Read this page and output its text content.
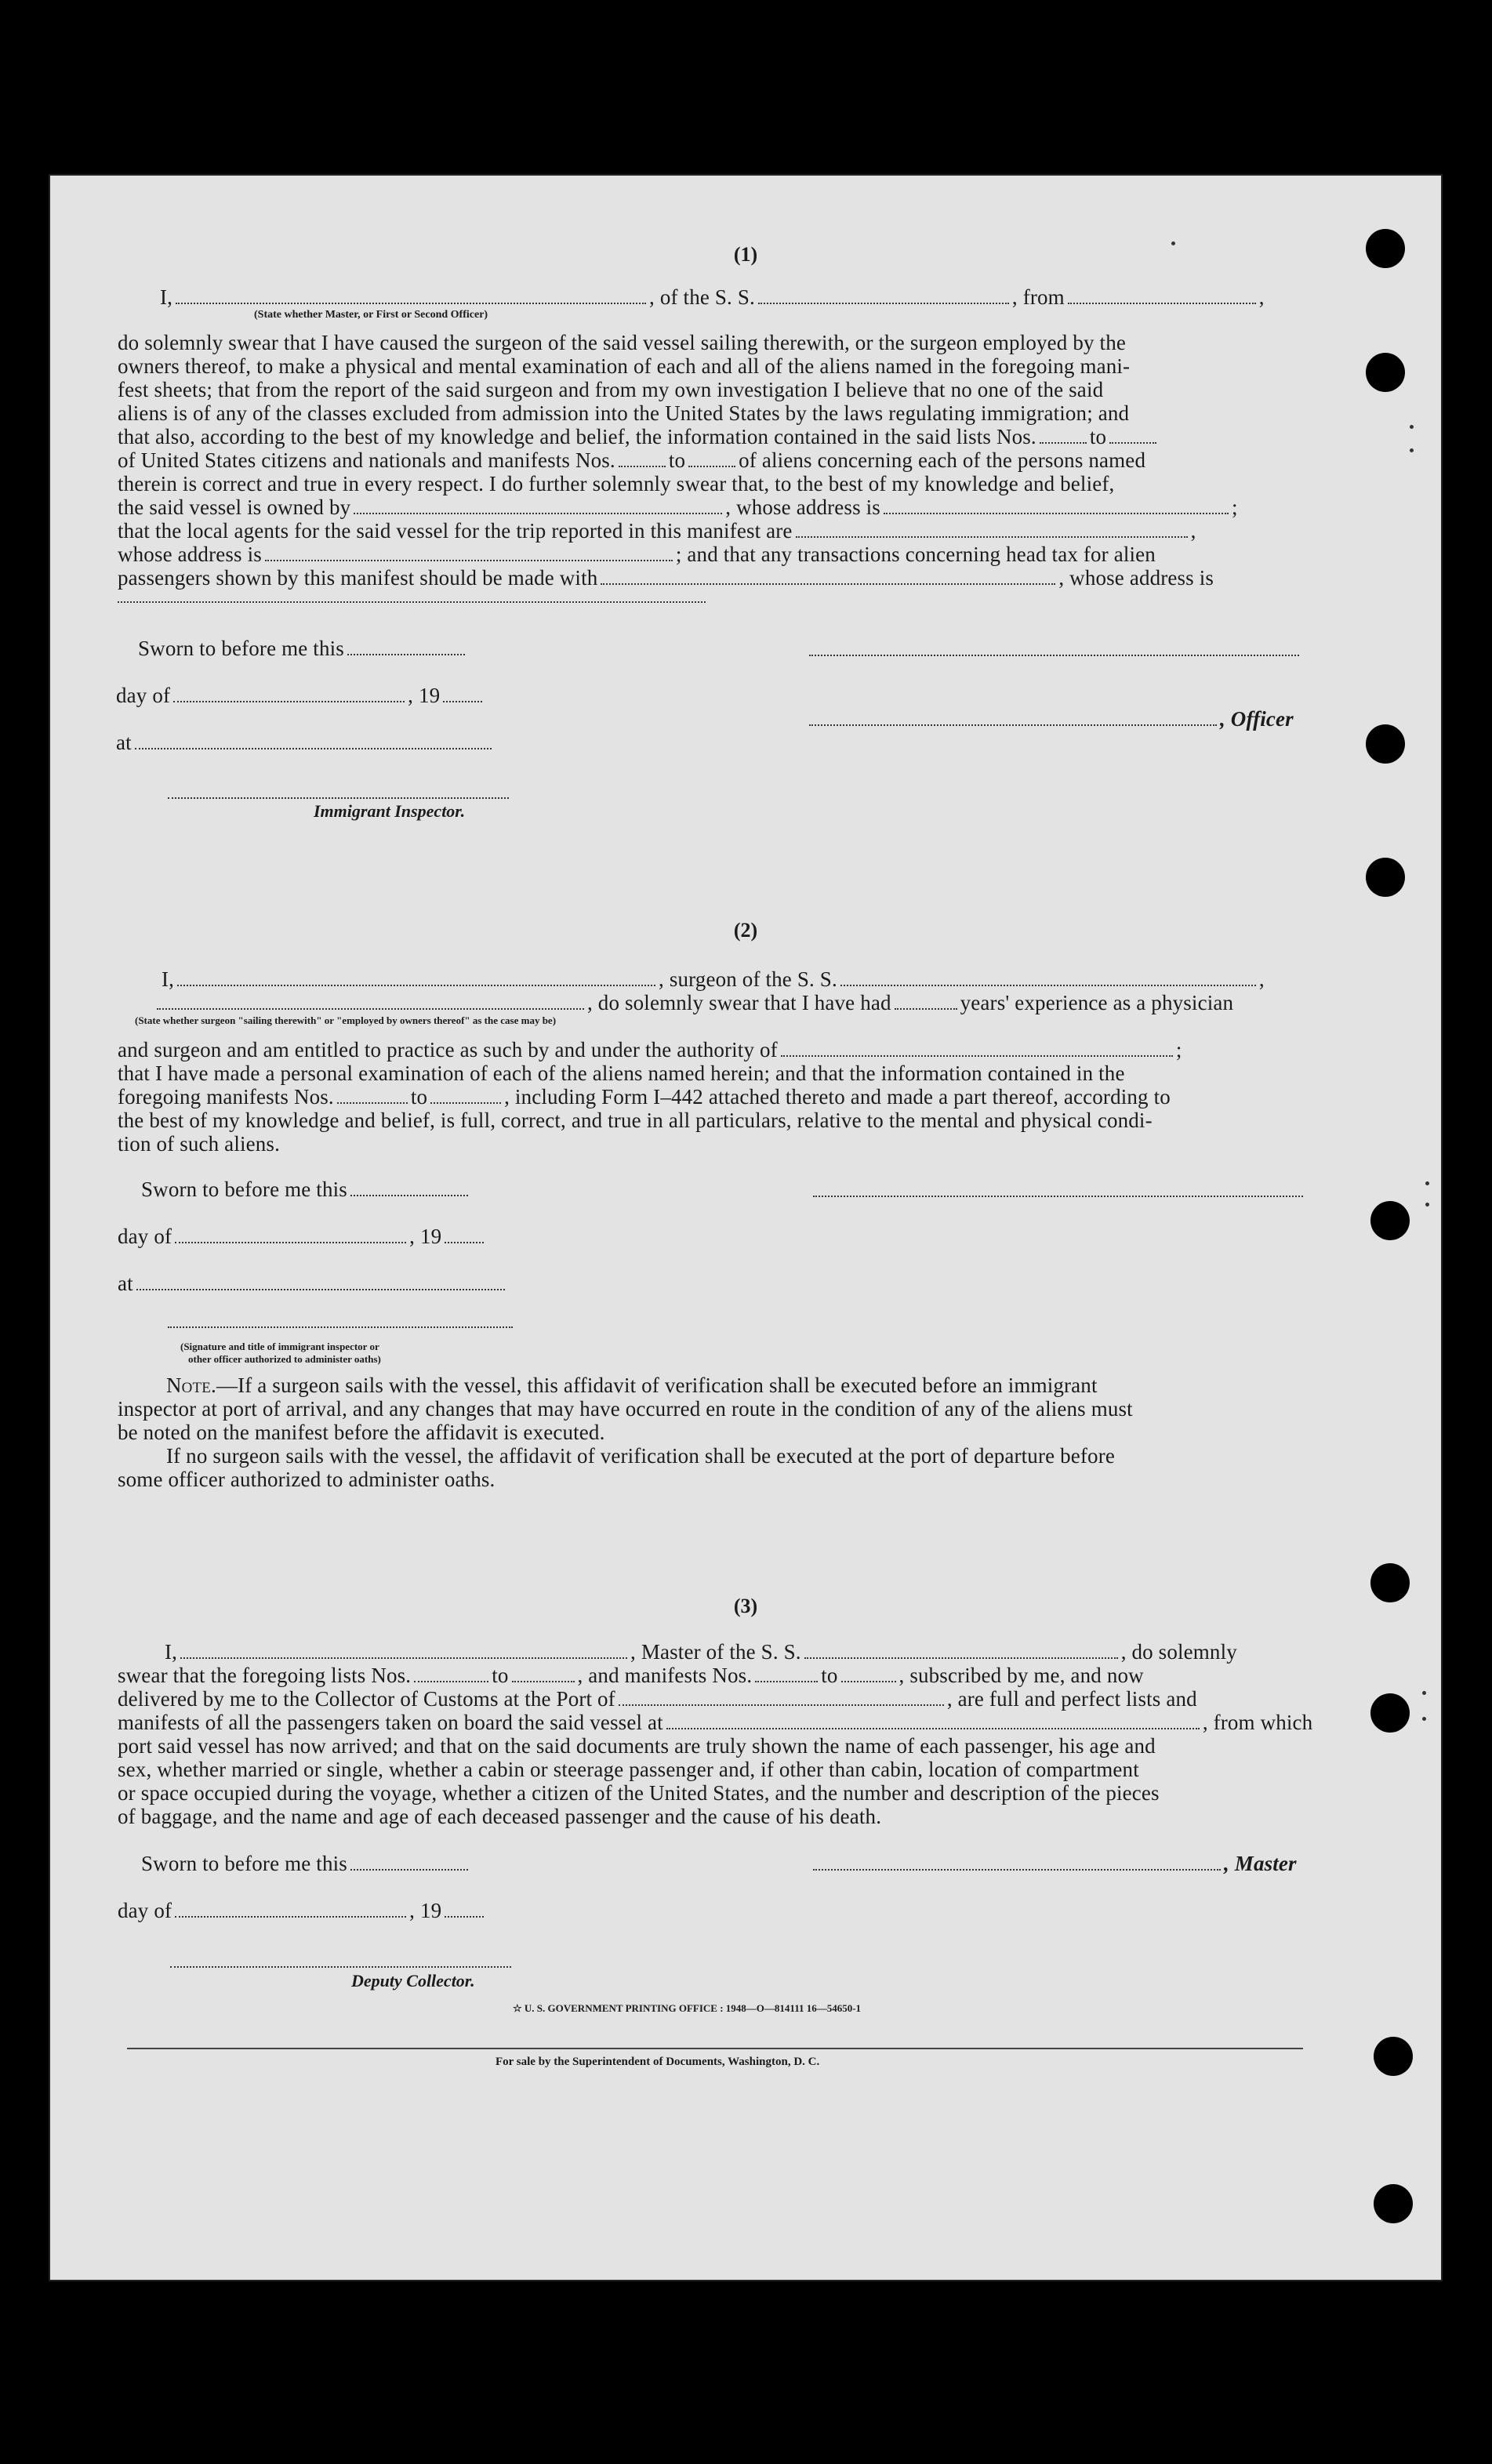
(1)
I,	, of the S. S.	, from	,
(State whether Master, or First or Second Officer)
do solemnly swear that I have caused the surgeon of the said vessel sailing therewith, or the surgeon employed by the
owners thereof, to make a physical and mental examination of each and all of the aliens named in the foregoing mani-
fest sheets; that from the report of the said surgeon and from my own investigation I believe that no one of the said
aliens is of any of the classes excluded from admission into the United States by the laws regulating immigration; and
that also, according to the best of my knowledge and belief, the information contained in the said lists Nos.	to
of United States citizens and nationals and manifests Nos.	to	of aliens concerning each of the persons named
therein is correct and true in every respect. I do further solemnly swear that, to the best of my knowledge and belief,
the said vessel is owned by	, whose address is	;
that the local agents for the said vessel for the trip reported in this manifest are	,
whose address is	; and that any transactions concerning head tax for alien
passengers shown by this manifest should be made with	, whose address is
Sworn to before me this
day of	, 19
, Officer
at
Immigrant Inspector.
(2)
I,	, surgeon of the S. S.	,
, do solemnly swear that I have had	years' experience as a physician
(State whether surgeon "sailing therewith" or "employed by owners thereof" as the case may be)
and surgeon and am entitled to practice as such by and under the authority of	;
that I have made a personal examination of each of the aliens named herein; and that the information contained in the
foregoing manifests Nos.	to	, including Form I–442 attached thereto and made a part thereof, according to
the best of my knowledge and belief, is full, correct, and true in all particulars, relative to the mental and physical condi-
tion of such aliens.
Sworn to before me this
day of	, 19
at
(Signature and title of immigrant inspector or
other officer authorized to administer oaths)
Note.—If a surgeon sails with the vessel, this affidavit of verification shall be executed before an immigrant
inspector at port of arrival, and any changes that may have occurred en route in the condition of any of the aliens must
be noted on the manifest before the affidavit is executed.
If no surgeon sails with the vessel, the affidavit of verification shall be executed at the port of departure before
some officer authorized to administer oaths.
(3)
I,	, Master of the S. S.	, do solemnly
swear that the foregoing lists Nos.	to	, and manifests Nos.	to	, subscribed by me, and now
delivered by me to the Collector of Customs at the Port of	, are full and perfect lists and
manifests of all the passengers taken on board the said vessel at	, from which
port said vessel has now arrived; and that on the said documents are truly shown the name of each passenger, his age and
sex, whether married or single, whether a cabin or steerage passenger and, if other than cabin, location of compartment
or space occupied during the voyage, whether a citizen of the United States, and the number and description of the pieces
of baggage, and the name and age of each deceased passenger and the cause of his death.
Sworn to before me this	, Master
day of	, 19
Deputy Collector.
☆ U. S. GOVERNMENT PRINTING OFFICE : 1948—O—814111 16—54650-1
For sale by the Superintendent of Documents, Washington, D. C.
